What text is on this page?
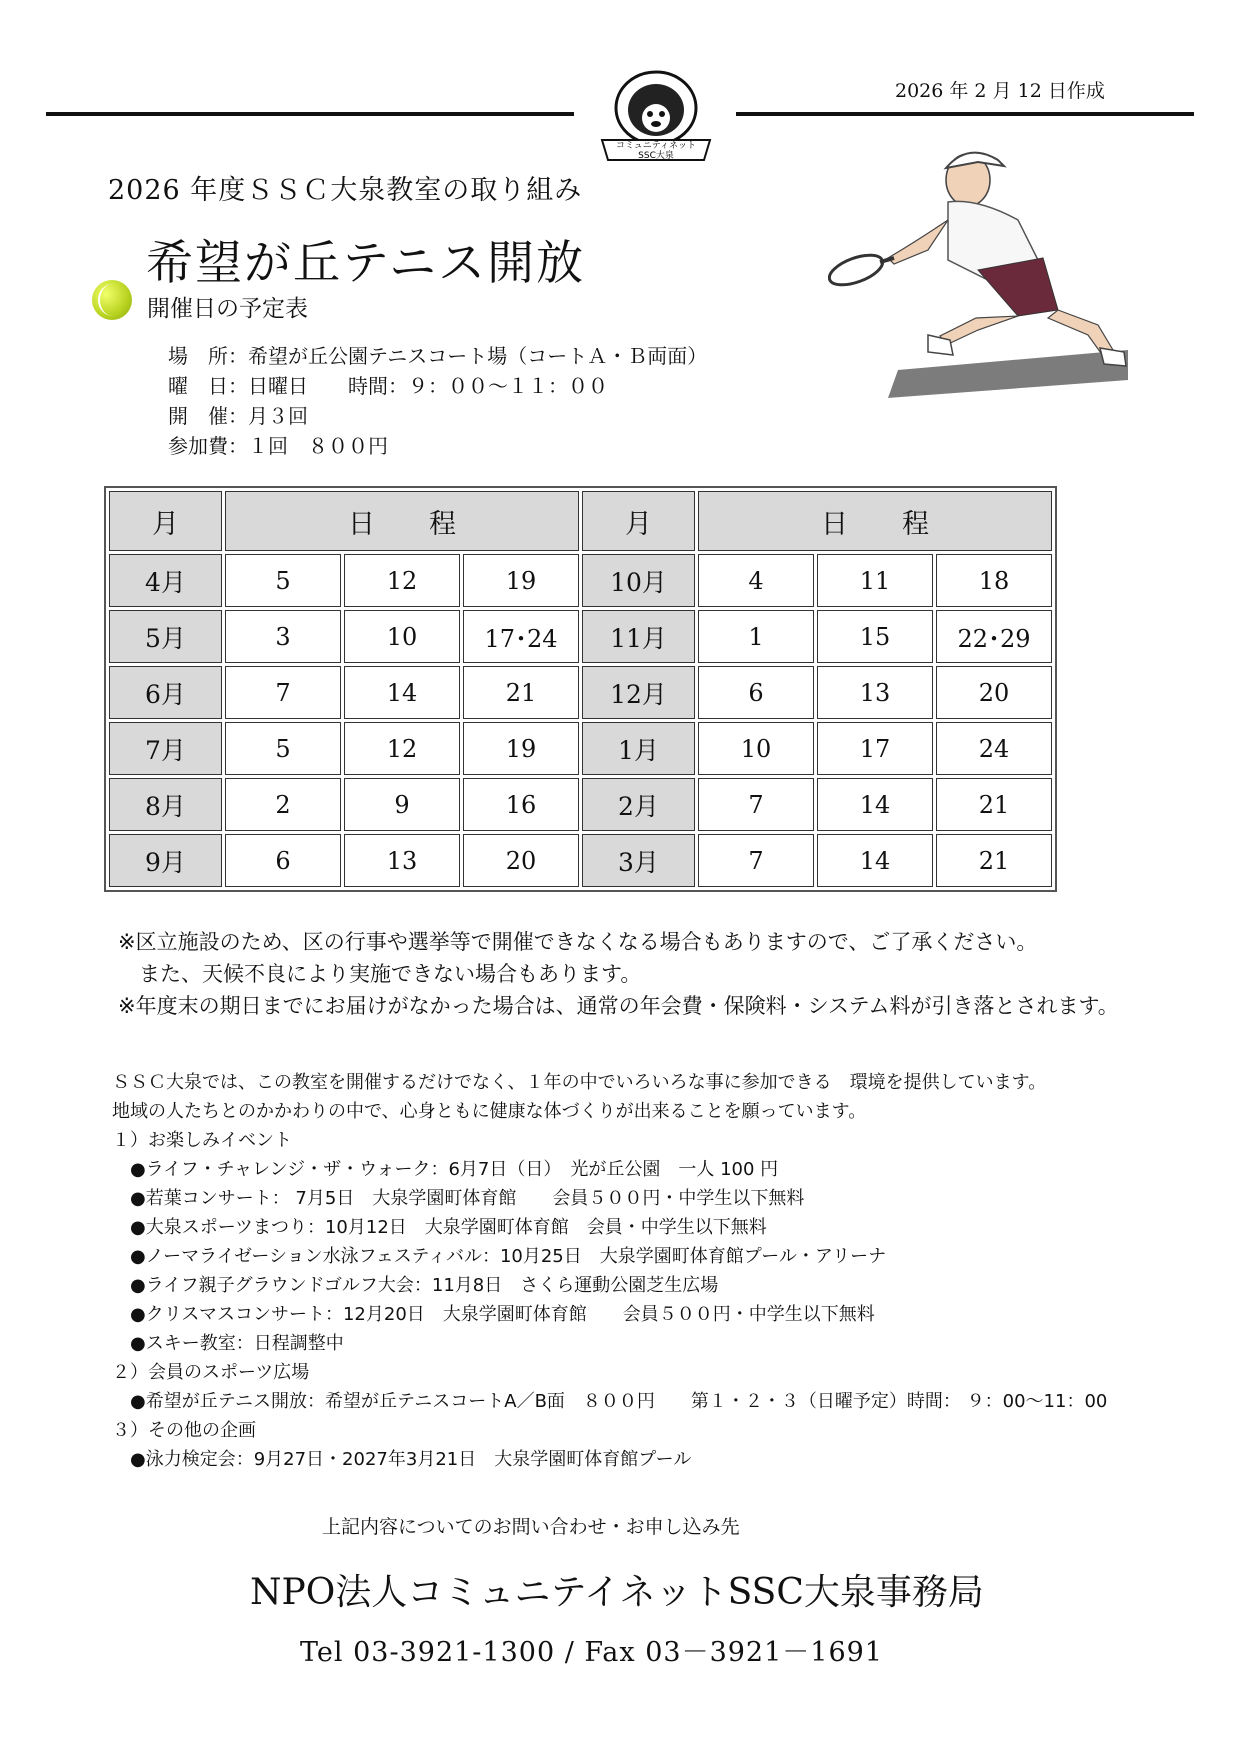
2026 年 2 月 12 日作成
コミュニティネット
SSC大泉
2026 年度ＳＳＣ大泉教室の取り組み
希望が丘テニス開放
開催日の予定表
場　所：希望が丘公園テニスコート場（コートＡ・Ｂ両面）
曜　日：日曜日　　時間：９：００〜１１：００
開　催：月３回
参加費：１回　８００円
月	日　　程			月	日　　程		
4月	5	12	19	10月	4	11	18
5月	3	10	17･24	11月	1	15	22･29
6月	7	14	21	12月	6	13	20
7月	5	12	19	1月	10	17	24
8月	2	9	16	2月	7	14	21
9月	6	13	20	3月	7	14	21
※区立施設のため、区の行事や選挙等で開催できなくなる場合もありますので、ご了承ください。
　また、天候不良により実施できない場合もあります。
※年度末の期日までにお届けがなかった場合は、通常の年会費・保険料・システム料が引き落とされます。
ＳＳＣ大泉では、この教室を開催するだけでなく、１年の中でいろいろな事に参加できる　環境を提供しています。
地域の人たちとのかかわりの中で、心身ともに健康な体づくりが出来ることを願っています。
１）お楽しみイベント
　●ライフ・チャレンジ・ザ・ウォーク：6月7日（日）　光が丘公園　一人 100 円
　●若葉コンサート： 7月5日　大泉学園町体育館　　会員５００円・中学生以下無料
　●大泉スポーツまつり：10月12日　大泉学園町体育館　会員・中学生以下無料
　●ノーマライゼーション水泳フェスティバル：10月25日　大泉学園町体育館プール・アリーナ
　●ライフ親子グラウンドゴルフ大会：11月8日　さくら運動公園芝生広場
　●クリスマスコンサート：12月20日　大泉学園町体育館　　会員５００円・中学生以下無料
　●スキー教室：日程調整中
２）会員のスポーツ広場
　●希望が丘テニス開放：希望が丘テニスコートA／B面　８００円　　第１・２・３（日曜予定）時間： ９：00〜11：00
３）その他の企画
　●泳力検定会：9月27日・2027年3月21日　大泉学園町体育館プール
上記内容についてのお問い合わせ・お申し込み先
NPO法人コミュニテイネットSSC大泉事務局
Tel 03-3921-1300 / Fax 03－3921－1691
